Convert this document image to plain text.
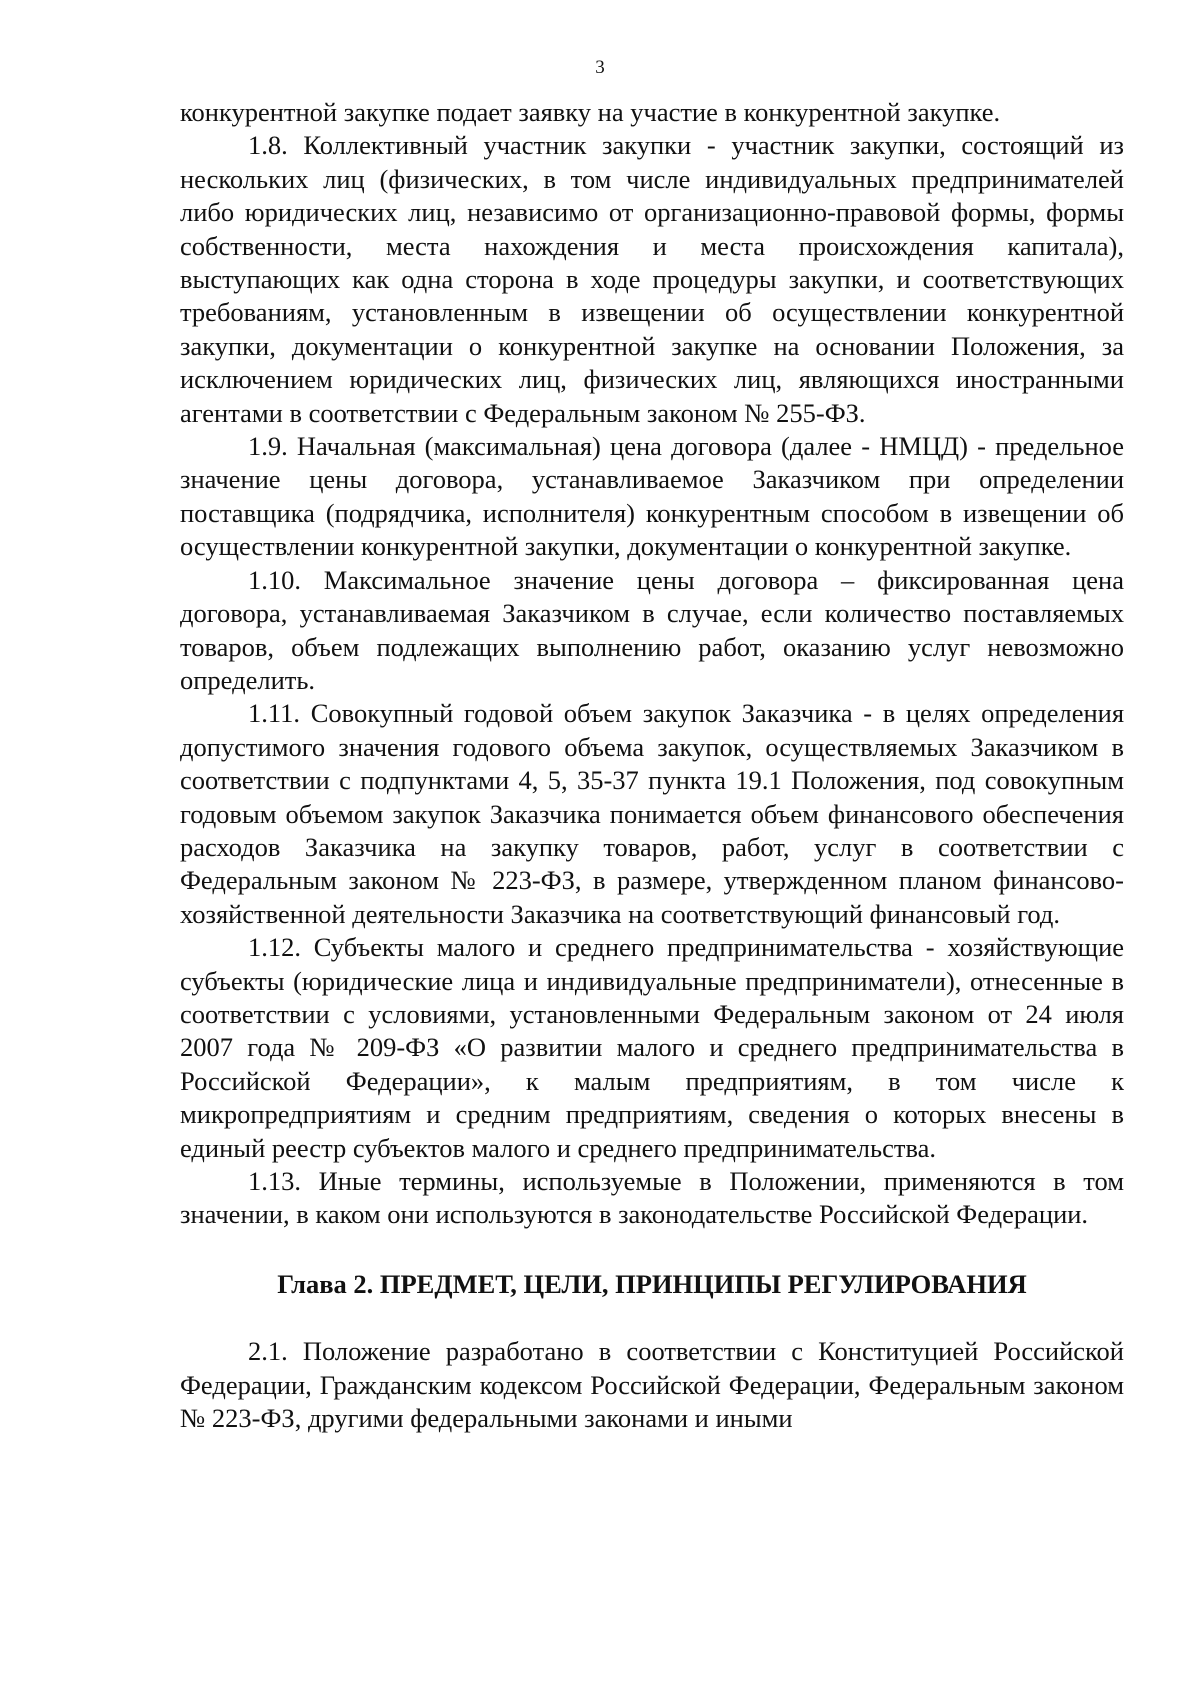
3

конкурентной закупке подает заявку на участие в конкурентной закупке.

1.8. Коллективный участник закупки - участник закупки, состоящий из нескольких лиц (физических, в том числе индивидуальных предпринимателей либо юридических лиц, независимо от организационно-правовой формы, формы собственности, места нахождения и места происхождения капитала), выступающих как одна сторона в ходе процедуры закупки, и соответствующих требованиям, установленным в извещении об осуществлении конкурентной закупки, документации о конкурентной закупке на основании Положения, за исключением юридических лиц, физических лиц, являющихся иностранными агентами в соответствии с Федеральным законом № 255-ФЗ.

1.9. Начальная (максимальная) цена договора (далее - НМЦД) - предельное значение цены договора, устанавливаемое Заказчиком при определении поставщика (подрядчика, исполнителя) конкурентным способом в извещении об осуществлении конкурентной закупки, документации о конкурентной закупке.

1.10. Максимальное значение цены договора – фиксированная цена договора, устанавливаемая Заказчиком в случае, если количество поставляемых товаров, объем подлежащих выполнению работ, оказанию услуг невозможно определить.

1.11. Совокупный годовой объем закупок Заказчика - в целях определения допустимого значения годового объема закупок, осуществляемых Заказчиком в соответствии с подпунктами 4, 5, 35-37 пункта 19.1 Положения, под совокупным годовым объемом закупок Заказчика понимается объем финансового обеспечения расходов Заказчика на закупку товаров, работ, услуг в соответствии с Федеральным законом № 223-ФЗ, в размере, утвержденном планом финансово-хозяйственной деятельности Заказчика на соответствующий финансовый год.

1.12. Субъекты малого и среднего предпринимательства - хозяйствующие субъекты (юридические лица и индивидуальные предприниматели), отнесенные в соответствии с условиями, установленными Федеральным законом от 24 июля 2007 года № 209-ФЗ «О развитии малого и среднего предпринимательства в Российской Федерации», к малым предприятиям, в том числе к микропредприятиям и средним предприятиям, сведения о которых внесены в единый реестр субъектов малого и среднего предпринимательства.

1.13. Иные термины, используемые в Положении, применяются в том значении, в каком они используются в законодательстве Российской Федерации.

Глава 2. ПРЕДМЕТ, ЦЕЛИ, ПРИНЦИПЫ РЕГУЛИРОВАНИЯ

2.1. Положение разработано в соответствии с Конституцией Российской Федерации, Гражданским кодексом Российской Федерации, Федеральным законом № 223-ФЗ, другими федеральными законами и иными
